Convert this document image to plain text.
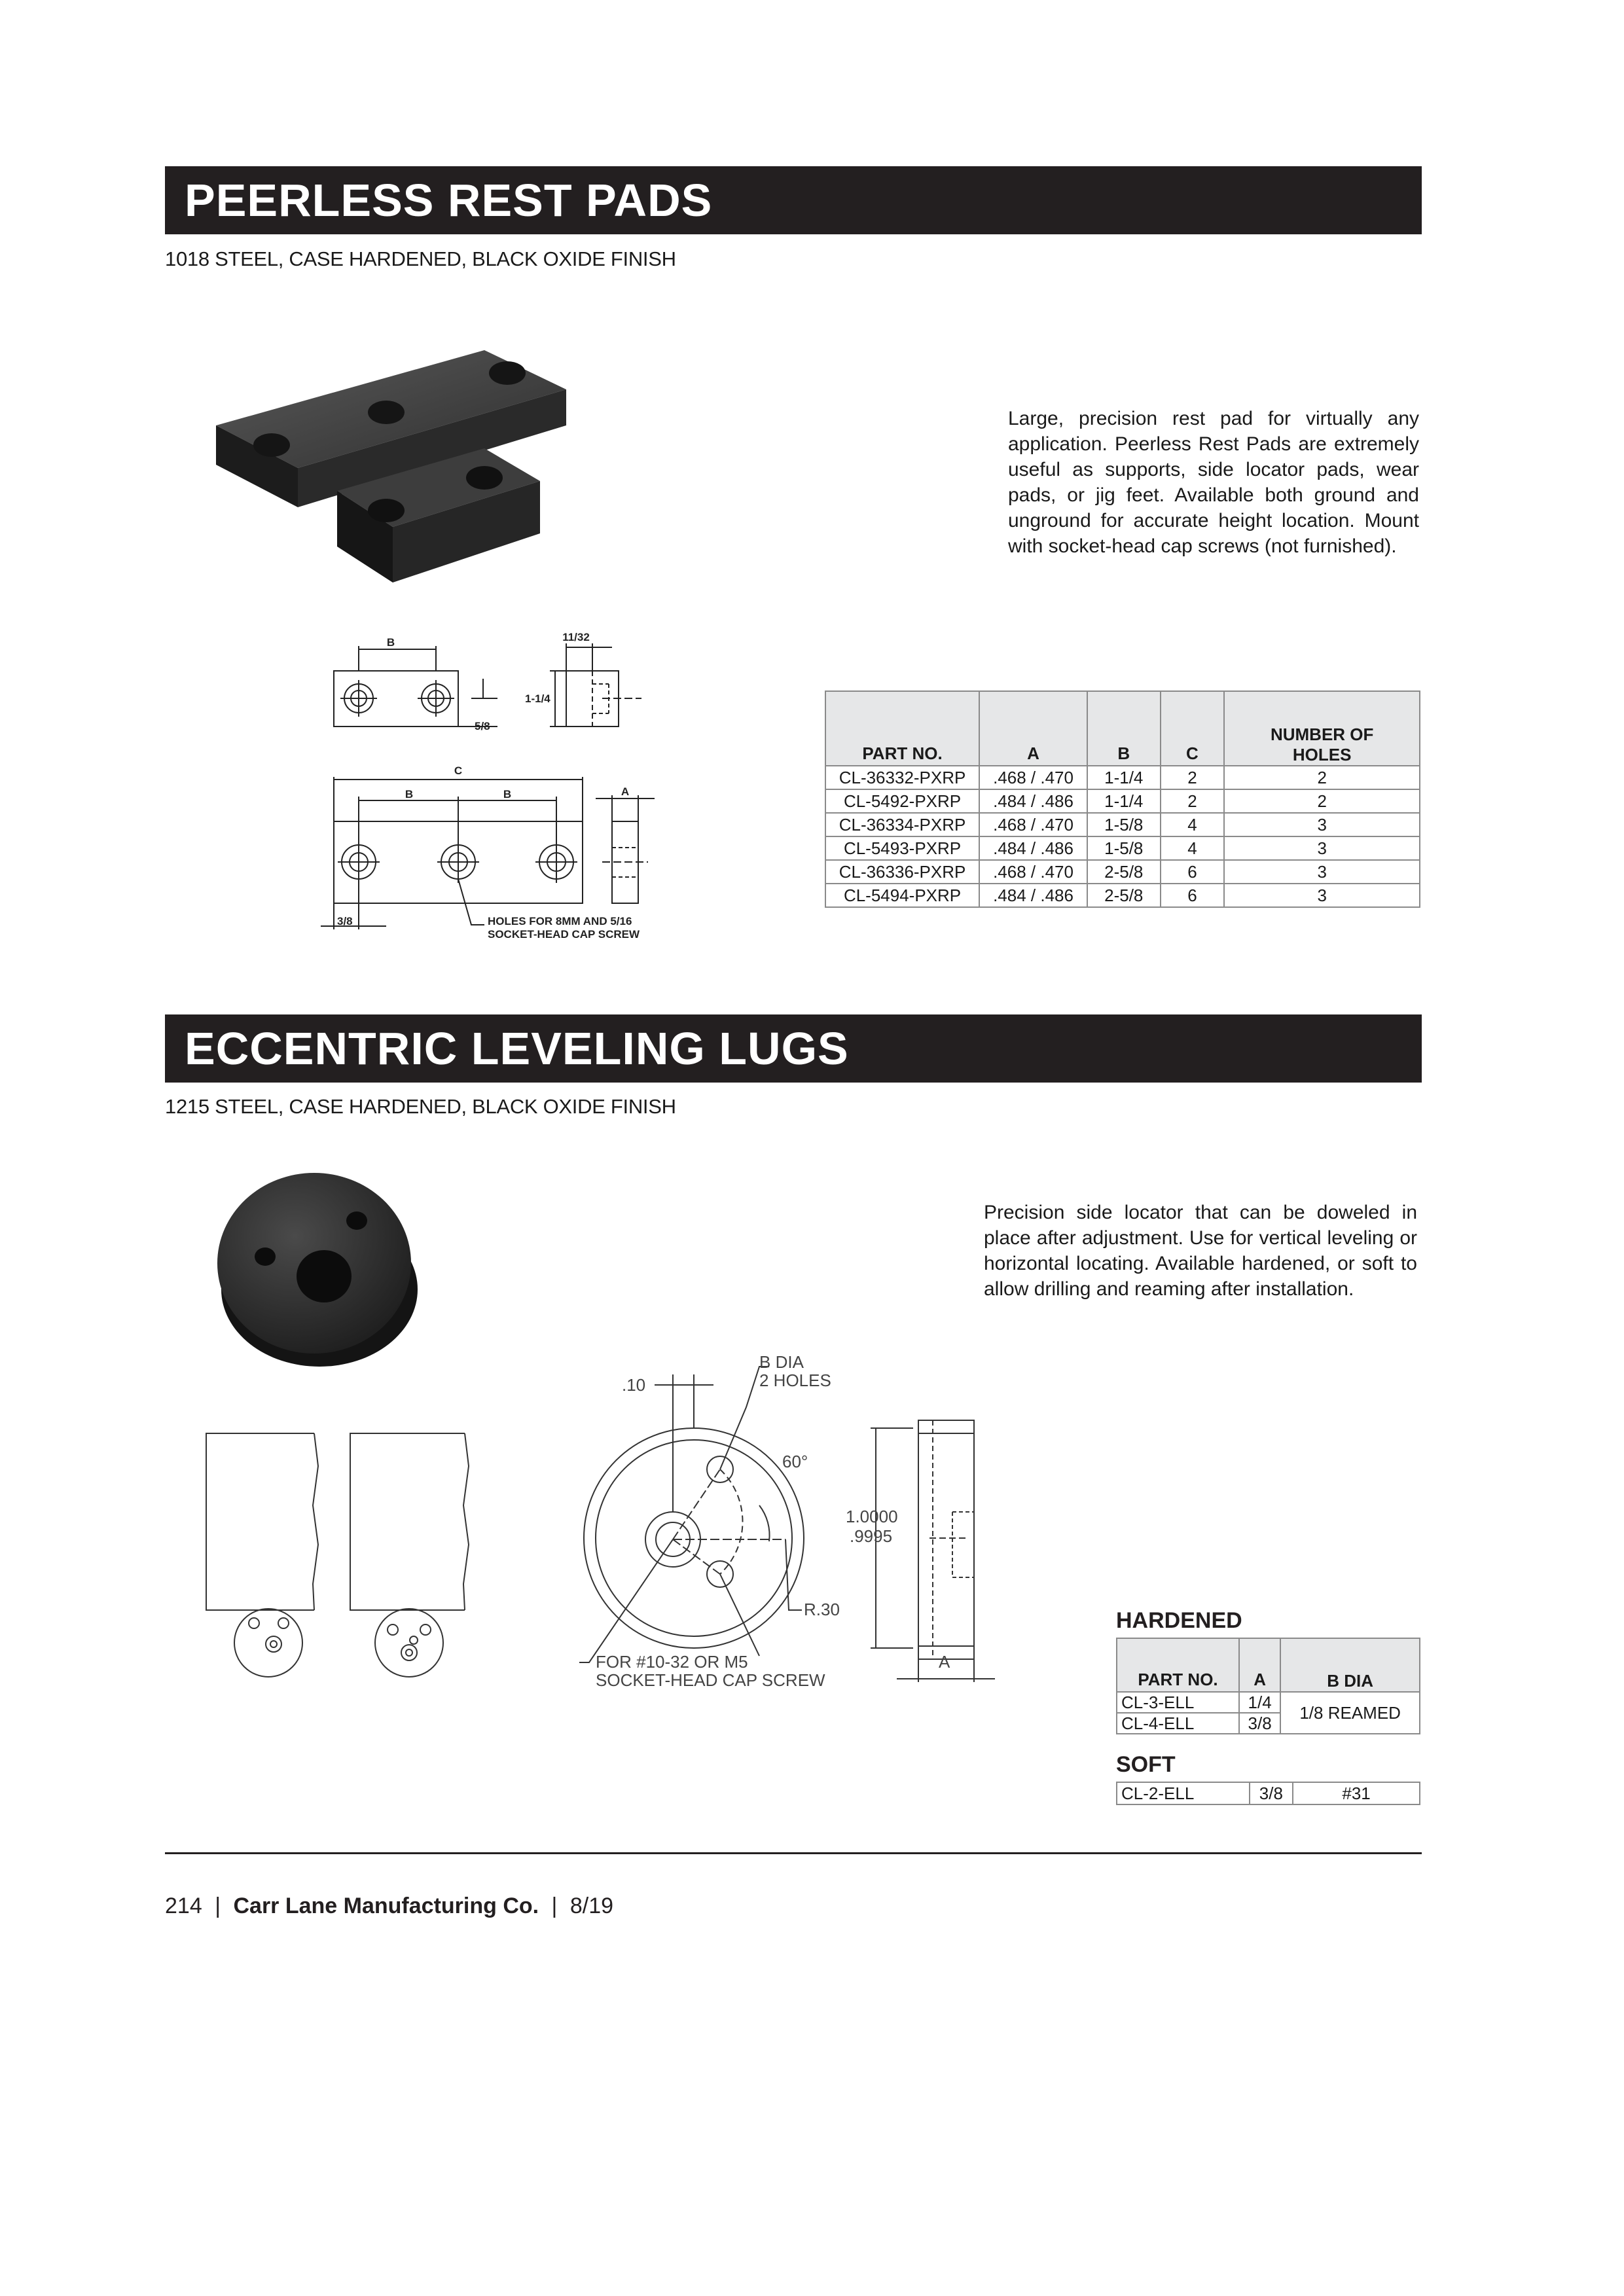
PEERLESS REST PADS
1018 STEEL, CASE HARDENED, BLACK OXIDE FINISH
Large, precision rest pad for virtually any application. Peerless Rest Pads are extremely useful as supports, side locator pads, wear pads, or jig feet. Available both ground and unground for accurate height location. Mount with socket-head cap screws (not furnished).
B	11/32
1-1/4
5/8
C
B	B	A
3/8	HOLES FOR 8MM AND 5/16
SOCKET-HEAD CAP SCREW
PART NO.	A	B	C	NUMBER OF HOLES
CL-36332-PXRP	.468 / .470	1-1/4	2	2
CL-5492-PXRP	.484 / .486	1-1/4	2	2
CL-36334-PXRP	.468 / .470	1-5/8	4	3
CL-5493-PXRP	.484 / .486	1-5/8	4	3
CL-36336-PXRP	.468 / .470	2-5/8	6	3
CL-5494-PXRP	.484 / .486	2-5/8	6	3
ECCENTRIC LEVELING LUGS
1215 STEEL, CASE HARDENED, BLACK OXIDE FINISH
Precision side locator that can be doweled in place after adjustment. Use for vertical leveling or horizontal locating. Available hardened, or soft to allow drilling and reaming after installation.
.10
B DIA
2 HOLES
60°
1.0000
.9995
R.30
FOR #10-32 OR M5
SOCKET-HEAD CAP SCREW
A
HARDENED
PART NO.	A	B DIA
CL-3-ELL	1/4	1/8 REAMED
CL-4-ELL	3/8	
SOFT
CL-2-ELL	3/8	#31
214 | Carr Lane Manufacturing Co. | 8/19
